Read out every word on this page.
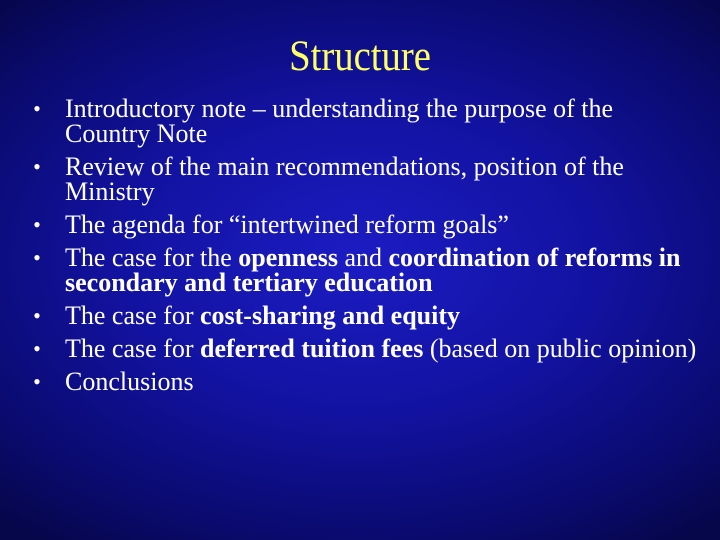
Structure
• Introductory note – understanding the purpose of the Country Note
• Review of the main recommendations, position of the Ministry
• The agenda for “intertwined reform goals”
• The case for the openness and coordination of reforms in secondary and tertiary education
• The case for cost-sharing and equity
• The case for deferred tuition fees (based on public opinion)
• Conclusions
